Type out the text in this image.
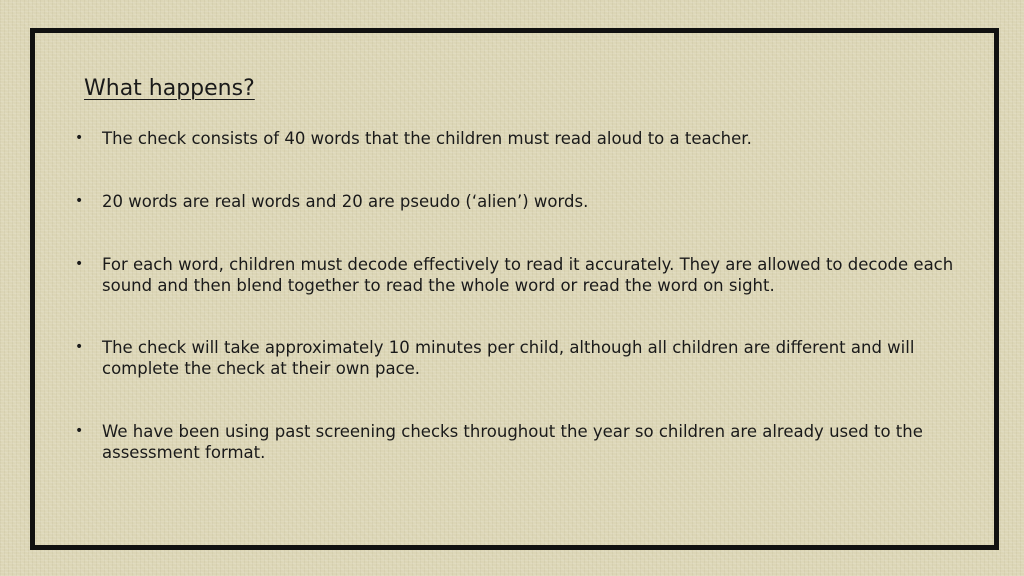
What happens?
•	The check consists of 40 words that the children must read aloud to a teacher.
•	20 words are real words and 20 are pseudo (‘alien’) words.
•	For each word, children must decode effectively to read it accurately. They are allowed to decode each sound and then blend together to read the whole word or read the word on sight.
•	The check will take approximately 10 minutes per child, although all children are different and will complete the check at their own pace.
•	We have been using past screening checks throughout the year so children are already used to the assessment format.
